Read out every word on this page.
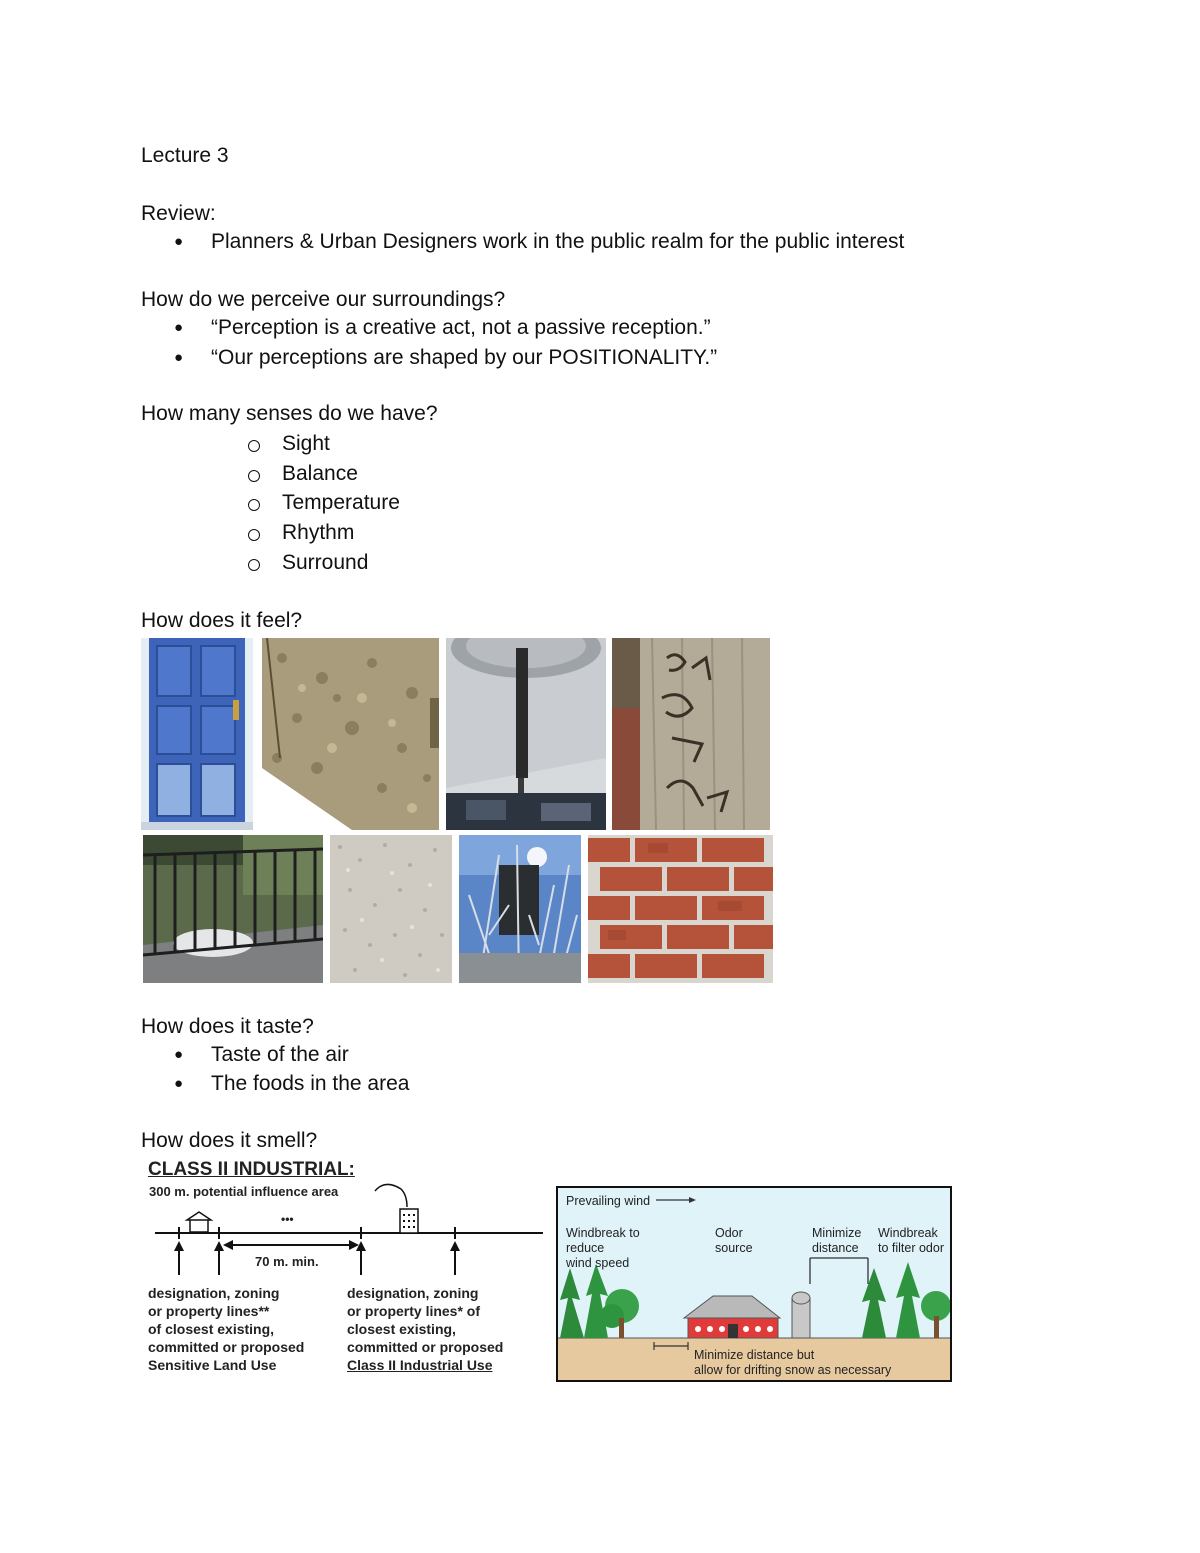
Lecture 3
Review:
● Planners & Urban Designers work in the public realm for the public interest
How do we perceive our surroundings?
● “Perception is a creative act, not a passive reception.”
● “Our perceptions are shaped by our POSITIONALITY.”
How many senses do we have?
Sight
Balance
Temperature
Rhythm
Surround
How does it feel?
How does it taste?
● Taste of the air
● The foods in the area
How does it smell?
CLASS II INDUSTRIAL:
300 m. potential influence area
•••
70 m. min.
designation, zoning
or property lines**
of closest existing,
committed or proposed
Sensitive Land Use
designation, zoning
or property lines* of
closest existing,
committed or proposed
Class II Industrial Use
Prevailing wind
Windbreak to
reduce
wind speed
Odor
source
Minimize
distance
Windbreak
to filter odor
Minimize distance but
allow for drifting snow as necessary
